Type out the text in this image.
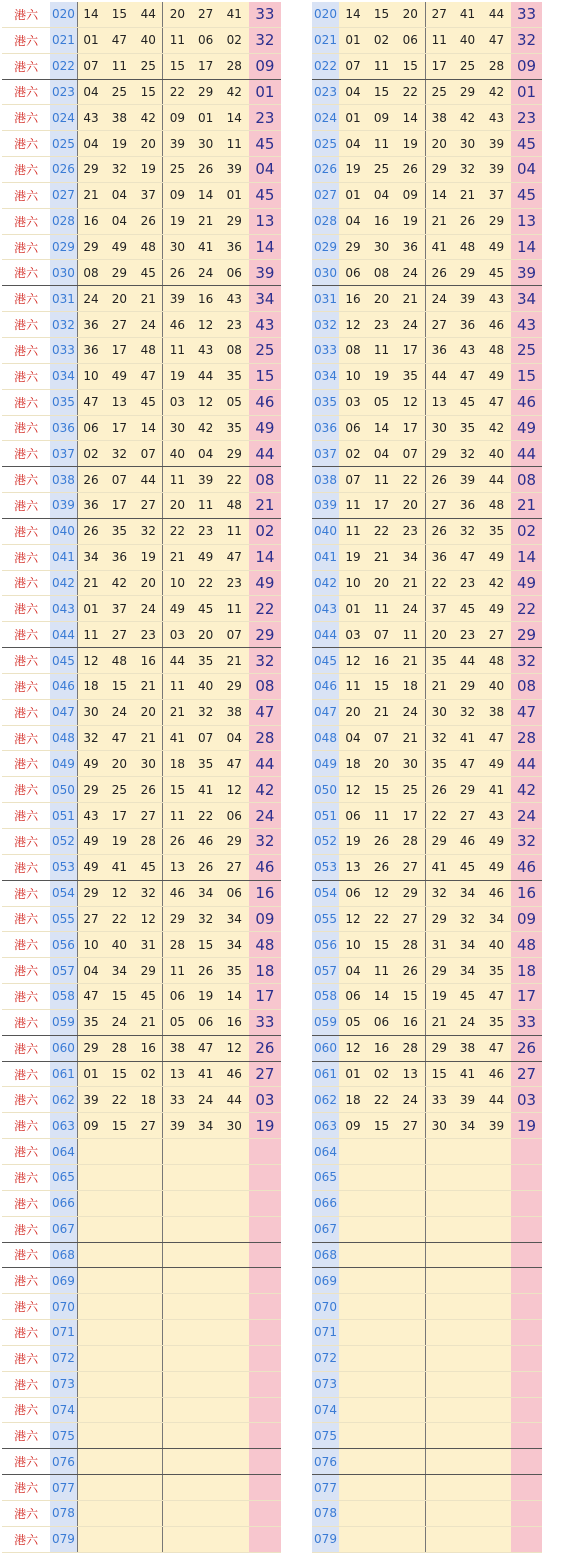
港六	020	14	15	44	20	27	41	33
港六	021	01	47	40	11	06	02	32
港六	022	07	11	25	15	17	28	09
港六	023	04	25	15	22	29	42	01
港六	024	43	38	42	09	01	14	23
港六	025	04	19	20	39	30	11	45
港六	026	29	32	19	25	26	39	04
港六	027	21	04	37	09	14	01	45
港六	028	16	04	26	19	21	29	13
港六	029	29	49	48	30	41	36	14
港六	030	08	29	45	26	24	06	39
港六	031	24	20	21	39	16	43	34
港六	032	36	27	24	46	12	23	43
港六	033	36	17	48	11	43	08	25
港六	034	10	49	47	19	44	35	15
港六	035	47	13	45	03	12	05	46
港六	036	06	17	14	30	42	35	49
港六	037	02	32	07	40	04	29	44
港六	038	26	07	44	11	39	22	08
港六	039	36	17	27	20	11	48	21
港六	040	26	35	32	22	23	11	02
港六	041	34	36	19	21	49	47	14
港六	042	21	42	20	10	22	23	49
港六	043	01	37	24	49	45	11	22
港六	044	11	27	23	03	20	07	29
港六	045	12	48	16	44	35	21	32
港六	046	18	15	21	11	40	29	08
港六	047	30	24	20	21	32	38	47
港六	048	32	47	21	41	07	04	28
港六	049	49	20	30	18	35	47	44
港六	050	29	25	26	15	41	12	42
港六	051	43	17	27	11	22	06	24
港六	052	49	19	28	26	46	29	32
港六	053	49	41	45	13	26	27	46
港六	054	29	12	32	46	34	06	16
港六	055	27	22	12	29	32	34	09
港六	056	10	40	31	28	15	34	48
港六	057	04	34	29	11	26	35	18
港六	058	47	15	45	06	19	14	17
港六	059	35	24	21	05	06	16	33
港六	060	29	28	16	38	47	12	26
港六	061	01	15	02	13	41	46	27
港六	062	39	22	18	33	24	44	03
港六	063	09	15	27	39	34	30	19
港六	064							
港六	065							
港六	066							
港六	067							
港六	068							
港六	069							
港六	070							
港六	071							
港六	072							
港六	073							
港六	074							
港六	075							
港六	076							
港六	077							
港六	078							
港六	079							
020	14	15	20	27	41	44	33
021	01	02	06	11	40	47	32
022	07	11	15	17	25	28	09
023	04	15	22	25	29	42	01
024	01	09	14	38	42	43	23
025	04	11	19	20	30	39	45
026	19	25	26	29	32	39	04
027	01	04	09	14	21	37	45
028	04	16	19	21	26	29	13
029	29	30	36	41	48	49	14
030	06	08	24	26	29	45	39
031	16	20	21	24	39	43	34
032	12	23	24	27	36	46	43
033	08	11	17	36	43	48	25
034	10	19	35	44	47	49	15
035	03	05	12	13	45	47	46
036	06	14	17	30	35	42	49
037	02	04	07	29	32	40	44
038	07	11	22	26	39	44	08
039	11	17	20	27	36	48	21
040	11	22	23	26	32	35	02
041	19	21	34	36	47	49	14
042	10	20	21	22	23	42	49
043	01	11	24	37	45	49	22
044	03	07	11	20	23	27	29
045	12	16	21	35	44	48	32
046	11	15	18	21	29	40	08
047	20	21	24	30	32	38	47
048	04	07	21	32	41	47	28
049	18	20	30	35	47	49	44
050	12	15	25	26	29	41	42
051	06	11	17	22	27	43	24
052	19	26	28	29	46	49	32
053	13	26	27	41	45	49	46
054	06	12	29	32	34	46	16
055	12	22	27	29	32	34	09
056	10	15	28	31	34	40	48
057	04	11	26	29	34	35	18
058	06	14	15	19	45	47	17
059	05	06	16	21	24	35	33
060	12	16	28	29	38	47	26
061	01	02	13	15	41	46	27
062	18	22	24	33	39	44	03
063	09	15	27	30	34	39	19
064							
065							
066							
067							
068							
069							
070							
071							
072							
073							
074							
075							
076							
077							
078							
079							
